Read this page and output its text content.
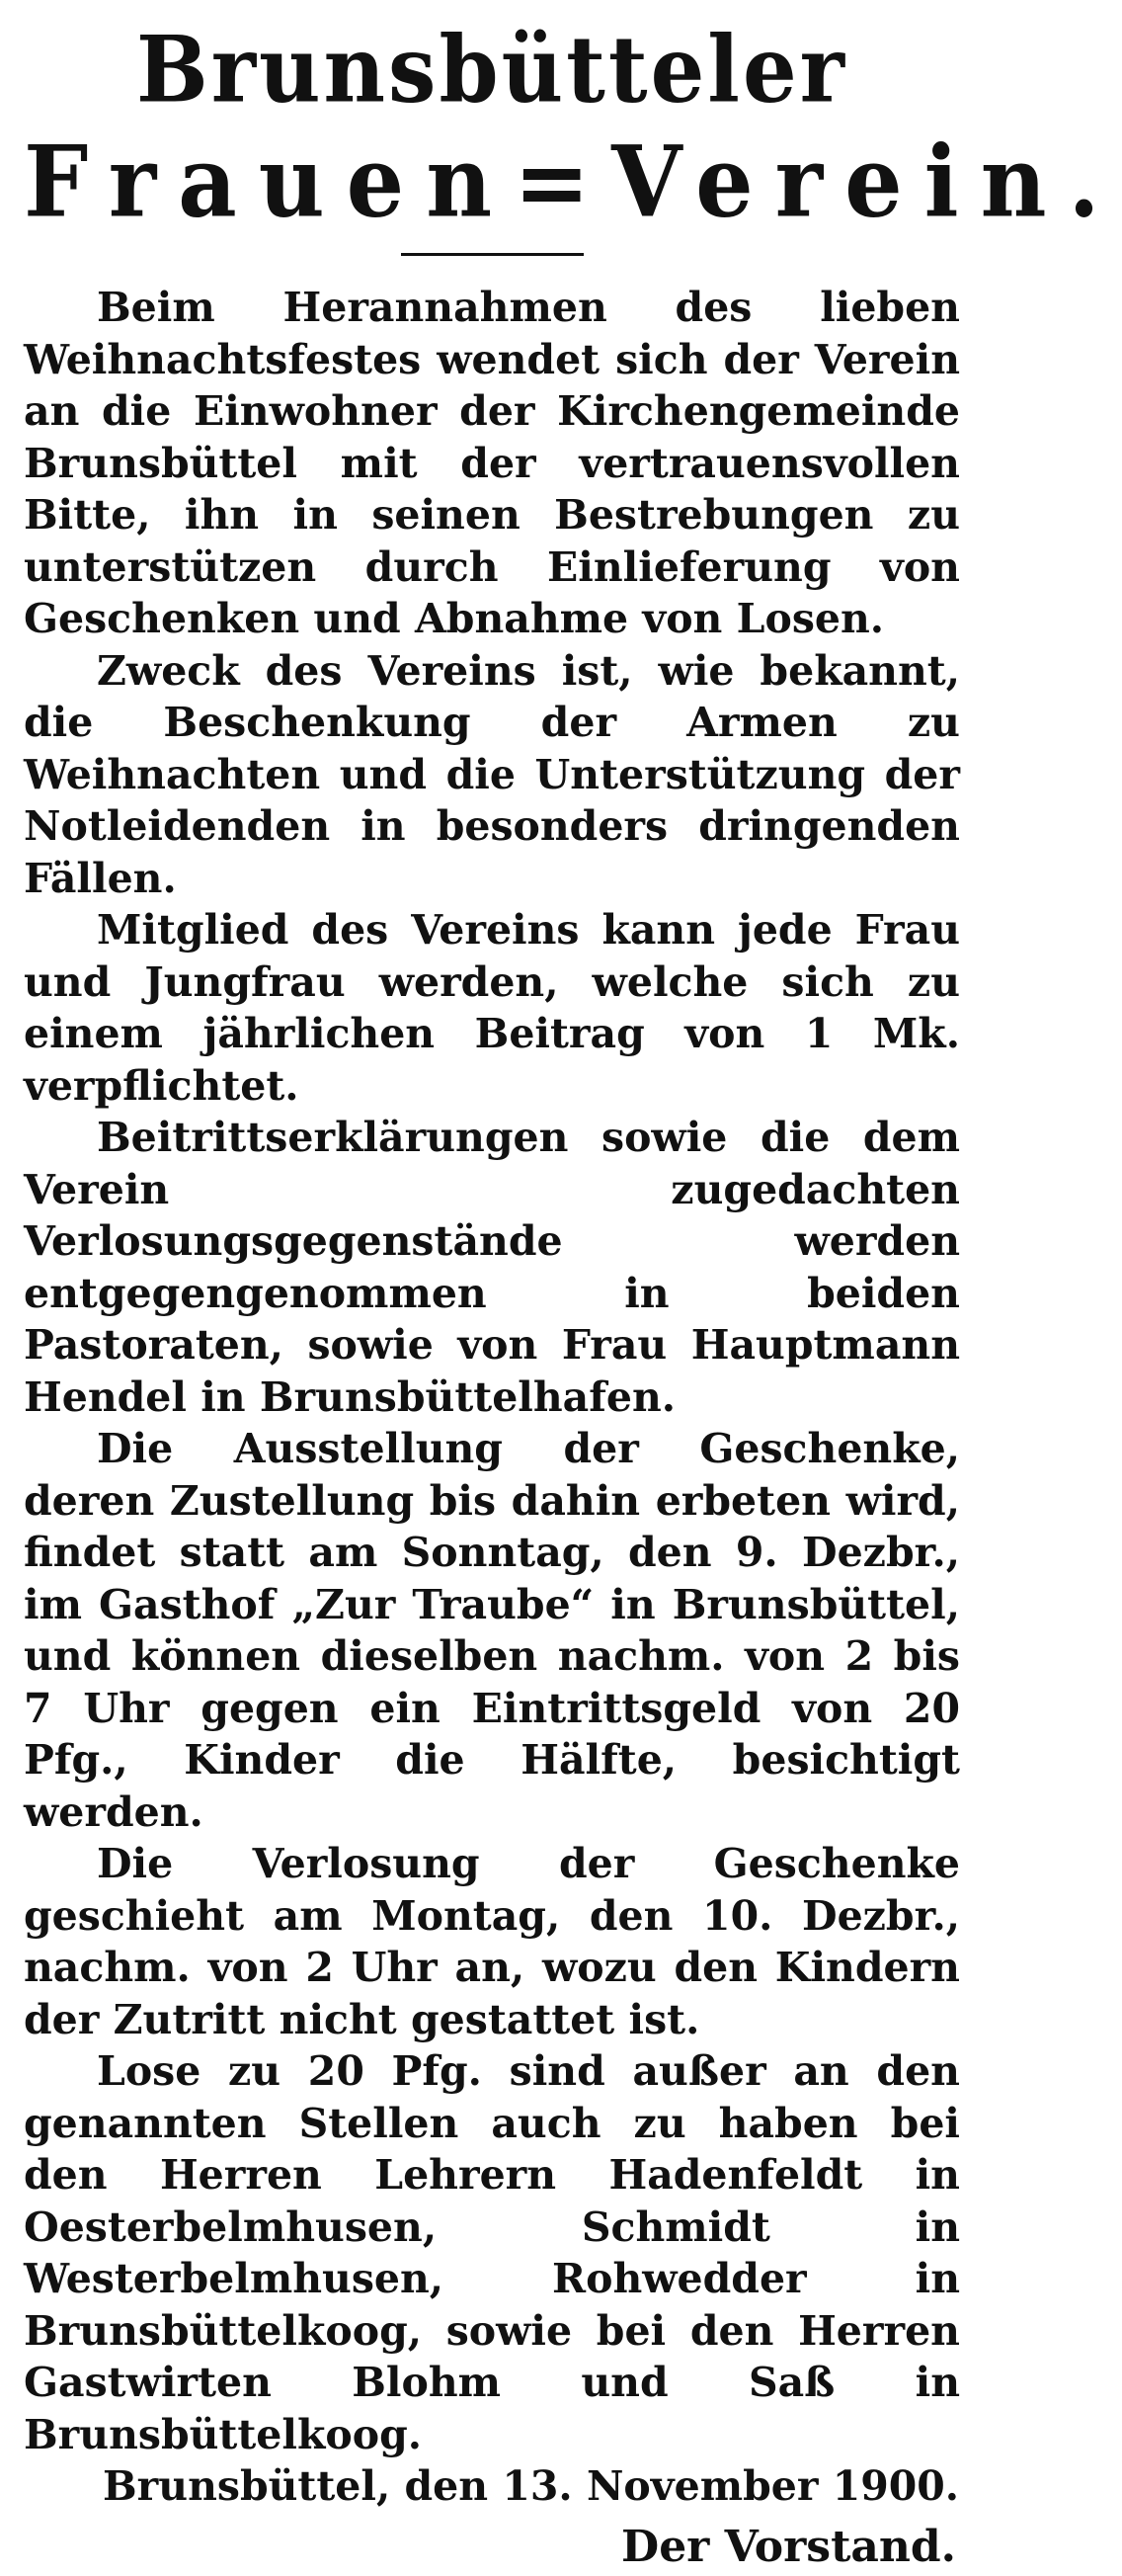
Brunsbütteler
Frauen=Verein.

Beim Herannahmen des lieben Weihnachtsfestes wendet sich der Verein an die Einwohner der Kirchengemeinde Brunsbüttel mit der vertrauensvollen Bitte, ihn in seinen Bestrebungen zu unterstützen durch Einlieferung von Geschenken und Abnahme von Losen.

Zweck des Vereins ist, wie bekannt, die Beschenkung der Armen zu Weihnachten und die Unterstützung der Notleidenden in besonders dringenden Fällen.

Mitglied des Vereins kann jede Frau und Jungfrau werden, welche sich zu einem jährlichen Beitrag von 1 Mk. verpflichtet.

Beitrittserklärungen sowie die dem Verein zugedachten Verlosungsgegenstände werden entgegengenommen in beiden Pastoraten, sowie von Frau Hauptmann Hendel in Brunsbüttelhafen.

Die Ausstellung der Geschenke, deren Zustellung bis dahin erbeten wird, findet statt am Sonntag, den 9. Dezbr., im Gasthof „Zur Traube“ in Brunsbüttel, und können dieselben nachm. von 2 bis 7 Uhr gegen ein Eintrittsgeld von 20 Pfg., Kinder die Hälfte, besichtigt werden.

Die Verlosung der Geschenke geschieht am Montag, den 10. Dezbr., nachm. von 2 Uhr an, wozu den Kindern der Zutritt nicht gestattet ist.

Lose zu 20 Pfg. sind außer an den genannten Stellen auch zu haben bei den Herren Lehrern Hadenfeldt in Oesterbelmhusen, Schmidt in Westerbelmhusen, Rohwedder in Brunsbüttelkoog, sowie bei den Herren Gastwirten Blohm und Saß in Brunsbüttelkoog.

Brunsbüttel, den 13. November 1900.

Der Vorstand.
